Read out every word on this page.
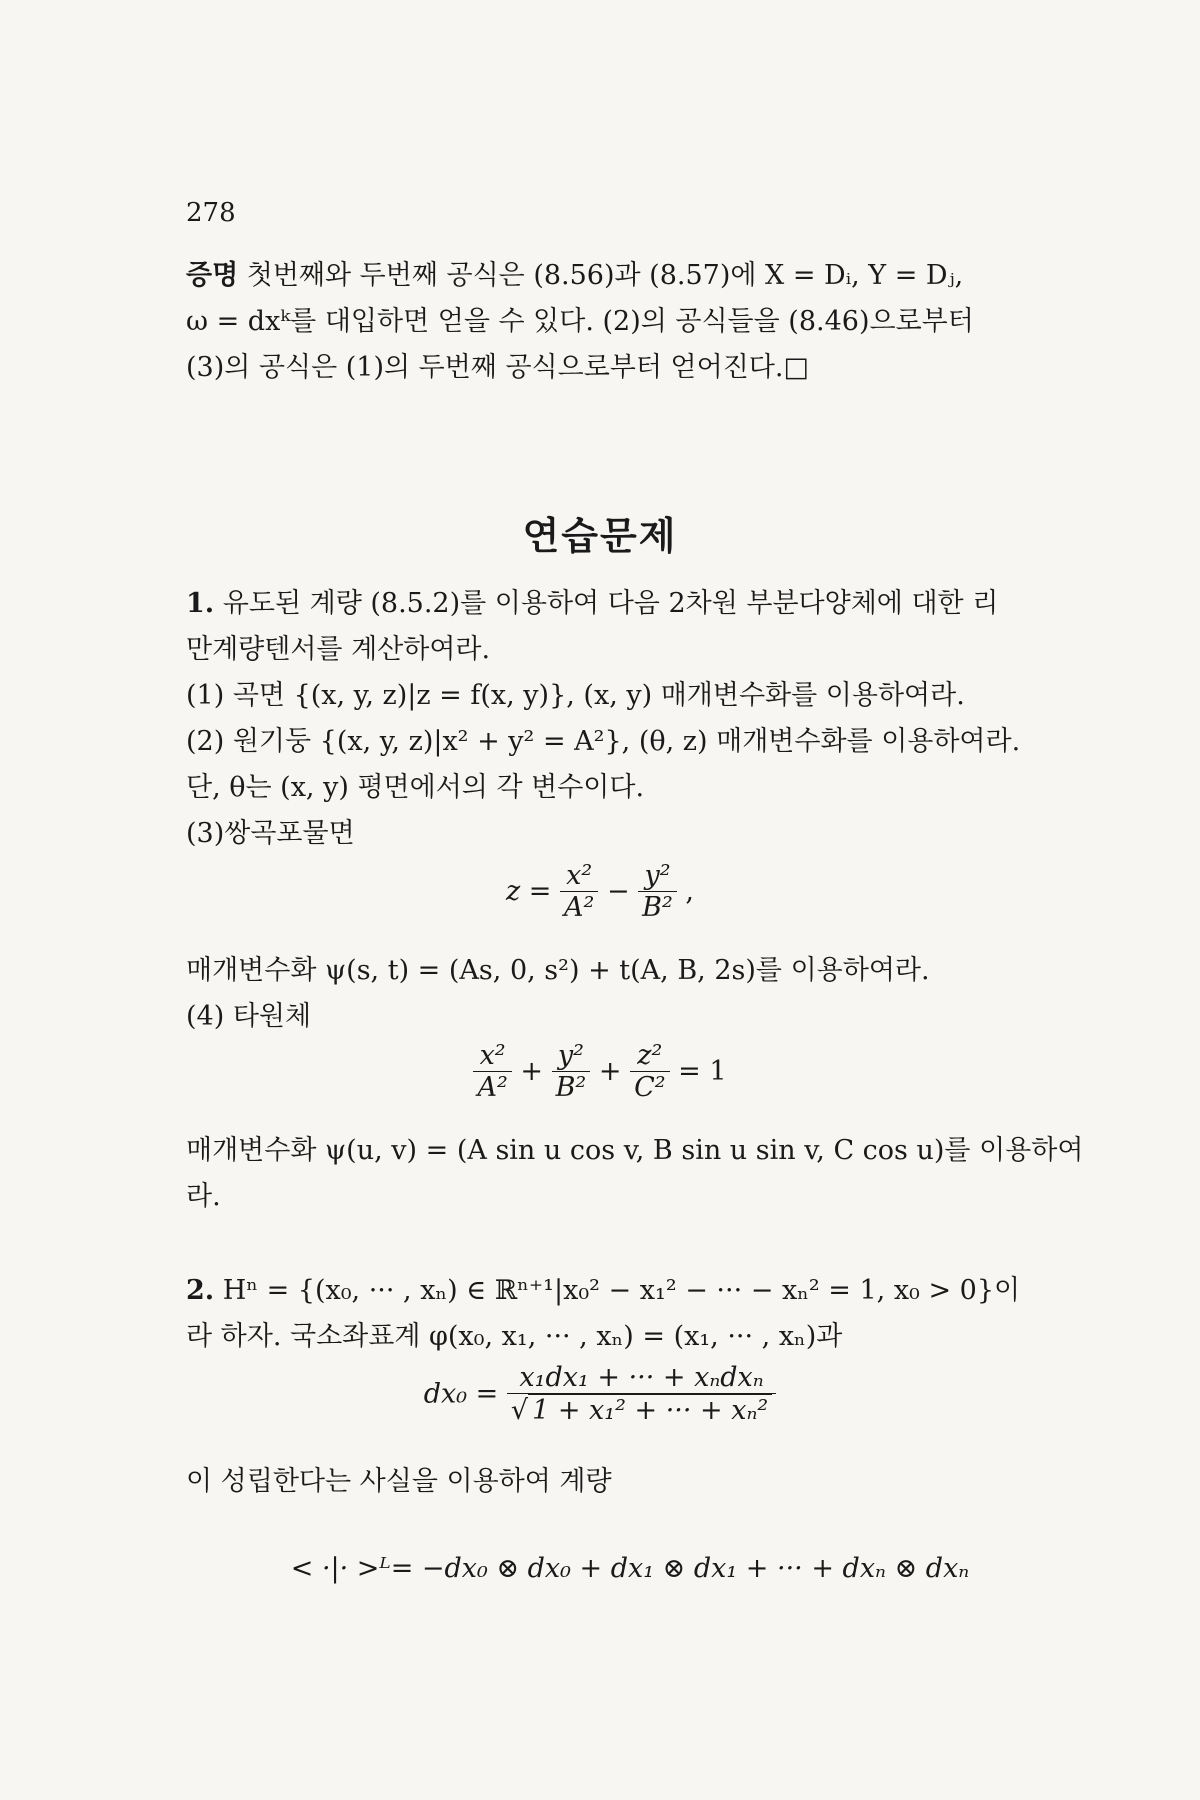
278
증명 첫번째와 두번째 공식은 (8.56)과 (8.57)에 X = Dᵢ, Y = Dⱼ,
ω = dxᵏ를 대입하면 얻을 수 있다. (2)의 공식들을 (8.46)으로부터
(3)의 공식은 (1)의 두번째 공식으로부터 얻어진다.□
연습문제
1. 유도된 계량 (8.5.2)를 이용하여 다음 2차원 부분다양체에 대한 리
만계량텐서를 계산하여라.
(1) 곡면 {(x, y, z)|z = f(x, y)}, (x, y) 매개변수화를 이용하여라.
(2) 원기둥 {(x, y, z)|x² + y² = A²}, (θ, z) 매개변수화를 이용하여라.
단, θ는 (x, y) 평면에서의 각 변수이다.
(3)쌍곡포물면
$z = \frac{\text{x²}}{\text{A²}} - \frac{\text{y²}}{\text{B²}}$ ,
매개변수화 ψ(s, t) = (As, 0, s²) + t(A, B, 2s)를 이용하여라.
(4) 타원체
$\frac{\text{x²}}{\text{A²}} + \frac{\text{y²}}{\text{B²}} + \frac{\text{z²}}{\text{C²}} = 1$
매개변수화 ψ(u, v) = (A sin u cos v, B sin u sin v, C cos u)를 이용하여
라.
2. Hⁿ = {(x₀, ··· , xₙ) ∈ ℝⁿ⁺¹|x₀² − x₁² − ··· − xₙ² = 1, x₀ > 0}이
라 하자. 국소좌표계 φ(x₀, x₁, ··· , xₙ) = (x₁, ··· , xₙ)과
$dx_0 = \frac{\text{x₁dx₁ + ··· + xₙdxₙ}}{\text{√ 1 + x₁² + ··· + xₙ²}}$
이 성립한다는 사실을 이용하여 계량
< ·|· >ᴸ= −dx₀ ⊗ dx₀ + dx₁ ⊗ dx₁ + ··· + dxₙ ⊗ dxₙ
